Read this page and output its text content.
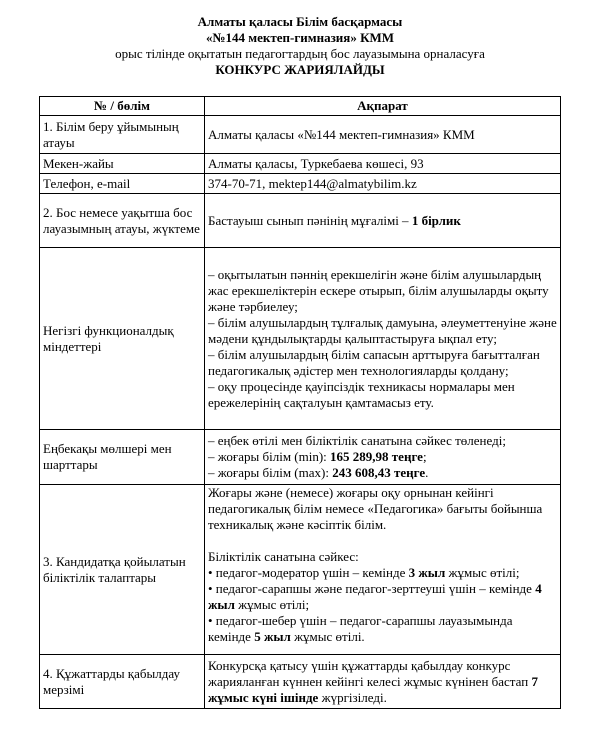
Алматы қаласы Білім басқармасы
«№144 мектеп-гимназия» КММ
орыс тілінде оқытатын педагогтардың бос лауазымына орналасуға
КОНКУРС ЖАРИЯЛАЙДЫ
№ / бөлім	Ақпарат
1. Білім беру ұйымының атауы	Алматы қаласы «№144 мектеп-гимназия» КММ
Мекен-жайы	Алматы қаласы, Туркебаева көшесі, 93
Телефон, e-mail	374-70-71, mektep144@almatybilim.kz
2. Бос немесе уақытша бос лауазымның атауы, жүктеме	Бастауыш сынып пәнінің мұғалімі – 1 бірлик
Негізгі функционалдық міндеттері	– оқытылатын пәннің ерекшелігін және білім алушылардың жас ерекшеліктерін ескере отырып, білім алушыларды оқыту және тәрбиелеу;
– білім алушылардың тұлғалық дамуына, әлеуметтенуіне және мәдени құндылықтарды қалыптастыруға ықпал ету;
– білім алушылардың білім сапасын арттыруға бағытталған педагогикалық әдістер мен технологияларды қолдану;
– оқу процесінде қауіпсіздік техникасы нормалары мен ережелерінің сақталуын қамтамасыз ету.

Еңбекақы мөлшері мен шарттары	– еңбек өтілі мен біліктілік санатына сәйкес төленеді;
– жоғары білім (min): 165 289,98 теңге;
– жоғары білім (max): 243 608,43 теңге.

3. Кандидатқа қойылатын біліктілік талаптары	Жоғары және (немесе) жоғары оқу орнынан кейінгі педагогикалық білім немесе «Педагогика» бағыты бойынша техникалық және кәсіптік білім.
Біліктілік санатына сәйкес:
• педагог-модератор үшін – кемінде 3 жыл жұмыс өтілі;
• педагог-сарапшы және педагог-зерттеуші үшін – кемінде 4 жыл жұмыс өтілі;
• педагог-шебер үшін – педагог-сарапшы лауазымында кемінде 5 жыл жұмыс өтілі.

4. Құжаттарды қабылдау мерзімі	Конкурсқа қатысу үшін құжаттарды қабылдау конкурс жарияланған күннен кейінгі келесі жұмыс күнінен бастап 7 жұмыс күні ішінде жүргізіледі.
